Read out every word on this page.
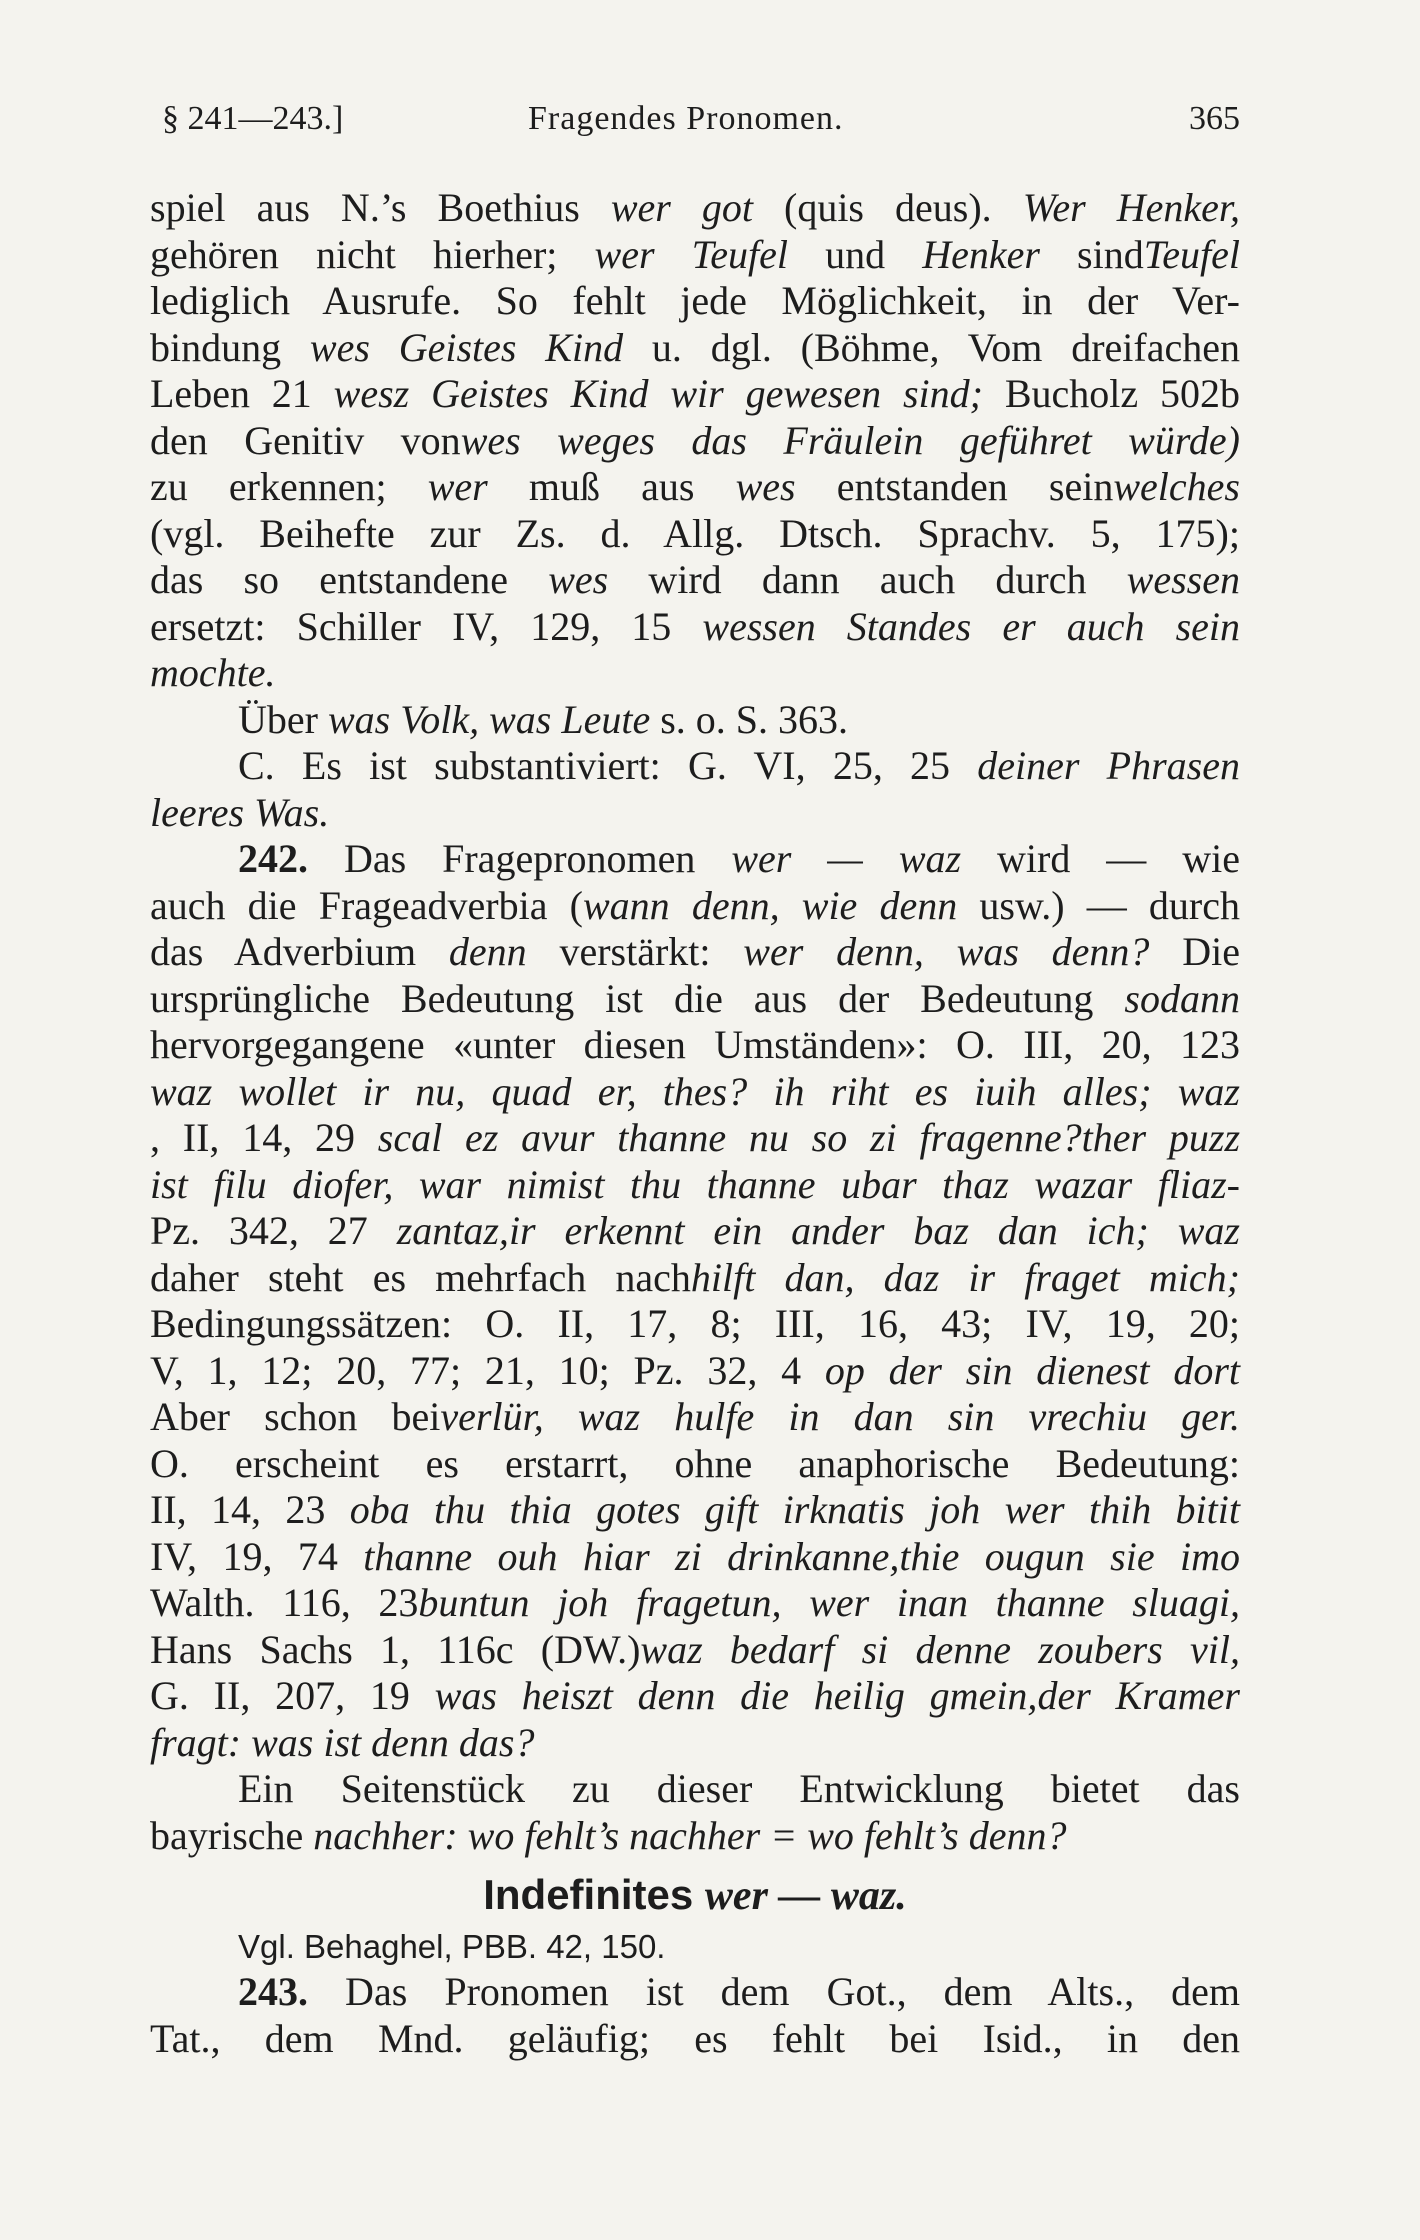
§ 241—243.]	Fragendes Pronomen.	365
spiel aus N.’s Boethius wer got (quis deus). Wer Henker,
gehören nicht hierher; wer Teufel und Henker sindTeufel
lediglich Ausrufe. So fehlt jede Möglichkeit, in der Ver-
bindung wes Geistes Kind u. dgl. (Böhme, Vom dreifachen
Leben 21 wesz Geistes Kind wir gewesen sind; Bucholz 502b
den Genitiv vonwes weges das Fräulein geführet würde)
zu erkennen; wer muß aus wes entstanden seinwelches
(vgl. Beihefte zur Zs. d. Allg. Dtsch. Sprachv. 5, 175);
das so entstandene wes wird dann auch durch wessen
ersetzt: Schiller IV, 129, 15 wessen Standes er auch sein
mochte.
Über was Volk, was Leute s. o. S. 363.
C. Es ist substantiviert: G. VI, 25, 25 deiner Phrasen
leeres Was.
242. Das Fragepronomen wer — waz wird — wie
auch die Frageadverbia (wann denn, wie denn usw.) — durch
das Adverbium denn verstärkt: wer denn, was denn? Die
ursprüngliche Bedeutung ist die aus der Bedeutung sodann
hervorgegangene «unter diesen Umständen»: O. III, 20, 123
waz wollet ir nu, quad er, thes? ih riht es iuih alles; waz
, II, 14, 29 scal ez avur thanne nu so zi fragenne?ther puzz
ist filu diofer, war nimist thu thanne ubar thaz wazar fliaz-
Pz. 342, 27 zantaz,ir erkennt ein ander baz dan ich; waz
daher steht es mehrfach nachhilft dan, daz ir fraget mich;
Bedingungssätzen: O. II, 17, 8; III, 16, 43; IV, 19, 20;
V, 1, 12; 20, 77; 21, 10; Pz. 32, 4 op der sin dienest dort
Aber schon beiverlür, waz hulfe in dan sin vrechiu ger.
O. erscheint es erstarrt, ohne anaphorische Bedeutung:
II, 14, 23 oba thu thia gotes gift irknatis joh wer thih bitit
IV, 19, 74 thanne ouh hiar zi drinkanne,thie ougun sie imo
Walth. 116, 23buntun joh fragetun, wer inan thanne sluagi,
Hans Sachs 1, 116c (DW.)waz bedarf si denne zoubers vil,
G. II, 207, 19 was heiszt denn die heilig gmein,der Kramer
fragt: was ist denn das?
Ein Seitenstück zu dieser Entwicklung bietet das
bayrische nachher: wo fehlt’s nachher = wo fehlt’s denn?
Indefinites wer — waz.
Vgl. Behaghel, PBB. 42, 150.
243. Das Pronomen ist dem Got., dem Alts., dem
Tat., dem Mnd. geläufig; es fehlt bei Isid., in den
